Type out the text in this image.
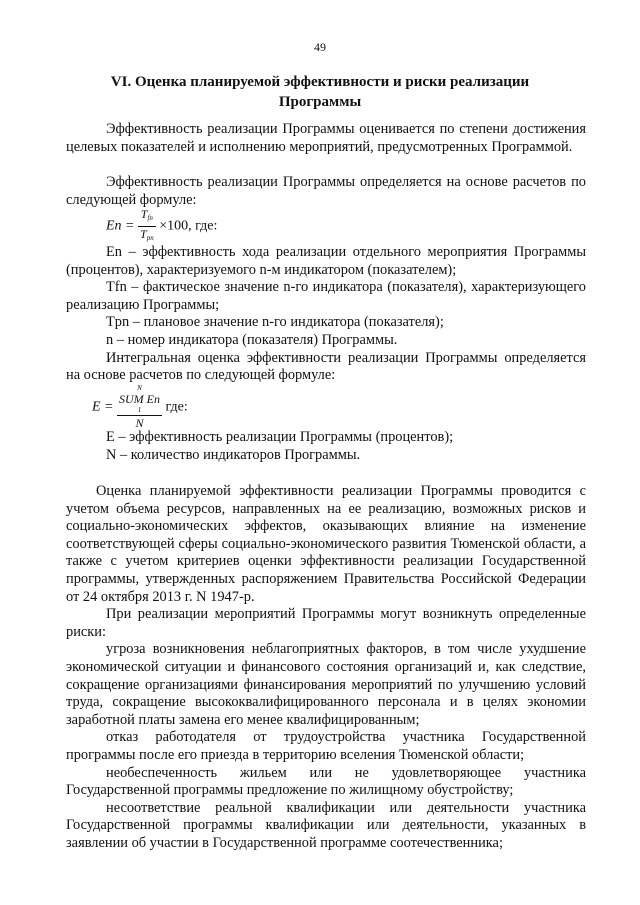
49
VI. Оценка планируемой эффективности и риски реализации
Программы

Эффективность реализации Программы оценивается по степени достижения целевых показателей и исполнению мероприятий, предусмотренных Программой.

Эффективность реализации Программы определяется на основе расчетов по следующей формуле:

$En = \frac{T_{fn}}{T_{pn}} \times 100$, где:

En – эффективность хода реализации отдельного мероприятия Программы (процентов), характеризуемого n-м индикатором (показателем);

Tfn – фактическое значение n-го индикатора (показателя), характеризующего реализацию Программы;

Tpn – плановое значение n-го индикатора (показателя);

n – номер индикатора (показателя) Программы.

Интегральная оценка эффективности реализации Программы определяется на основе расчетов по следующей формуле:

E = N
SUM En
1
N где:

E – эффективность реализации Программы (процентов);

N – количество индикаторов Программы.

Оценка планируемой эффективности реализации Программы проводится с учетом объема ресурсов, направленных на ее реализацию, возможных рисков и социально-экономических эффектов, оказывающих влияние на изменение соответствующей сферы социально-экономического развития Тюменской области, а также с учетом критериев оценки эффективности реализации Государственной программы, утвержденных распоряжением Правительства Российской Федерации от 24 октября 2013 г. N 1947-р.

При реализации мероприятий Программы могут возникнуть определенные риски:

угроза возникновения неблагоприятных факторов, в том числе ухудшение экономической ситуации и финансового состояния организаций и, как следствие, сокращение организациями финансирования мероприятий по улучшению условий труда, сокращение высококвалифицированного персонала и в целях экономии заработной платы замена его менее квалифицированным;

отказ работодателя от трудоустройства участника Государственной программы после его приезда в территорию вселения Тюменской области;

необеспеченность жильем или не удовлетворяющее участника Государственной программы предложение по жилищному обустройству;

несоответствие реальной квалификации или деятельности участника Государственной программы квалификации или деятельности, указанных в заявлении об участии в Государственной программе соотечественника;
